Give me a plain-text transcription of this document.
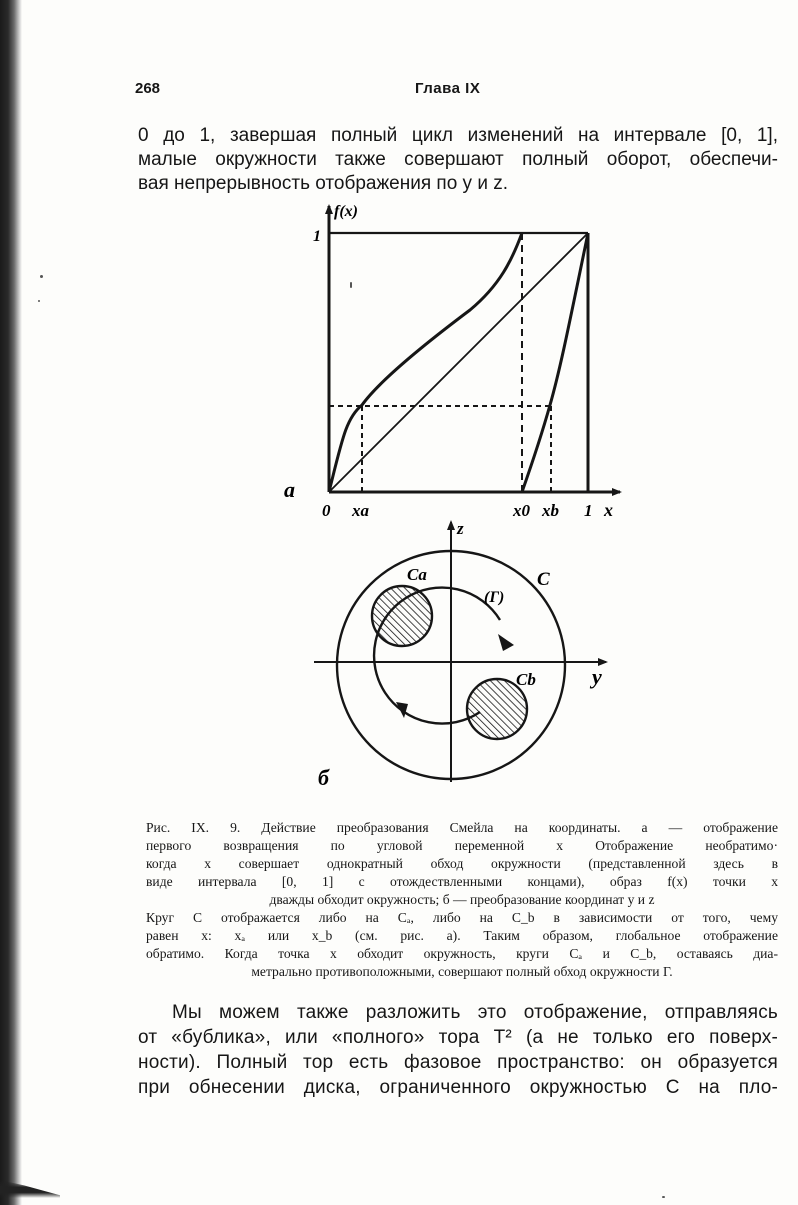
268	Глава IX

0 до 1, завершая полный цикл изменений на интервале [0, 1],
малые окружности также совершают полный оборот, обеспечи-
вая непрерывность отображения по y и z.

f(x)
1
a
0 xa	x0 xb 1 x
z
C
Ca
(Г)
Cb	y
б
Рис. IX. 9. Действие преобразования Смейла на координаты. a — отображение
первого возвращения по угловой переменной x Отображение необратимо·
когда x совершает однократный обход окружности (представленной здесь в
виде интервала [0, 1] с отождествленными концами), образ f(x) точки x
дважды обходит окружность; б — преобразование координат y и z
Круг C отображается либо на Cₐ, либо на C_b в зависимости от того, чему
равен x: xₐ или x_b (см. рис. a). Таким образом, глобальное отображение
обратимо. Когда точка x обходит окружность, круги Cₐ и C_b, оставаясь диа-
метрально противоположными, совершают полный обход окружности Г.

Мы можем также разложить это отображение, отправляясь
от «бублика», или «полного» тора T² (а не только его поверх-
ности). Полный тор есть фазовое пространство: он образуется
при обнесении диска, ограниченного окружностью C на пло-
